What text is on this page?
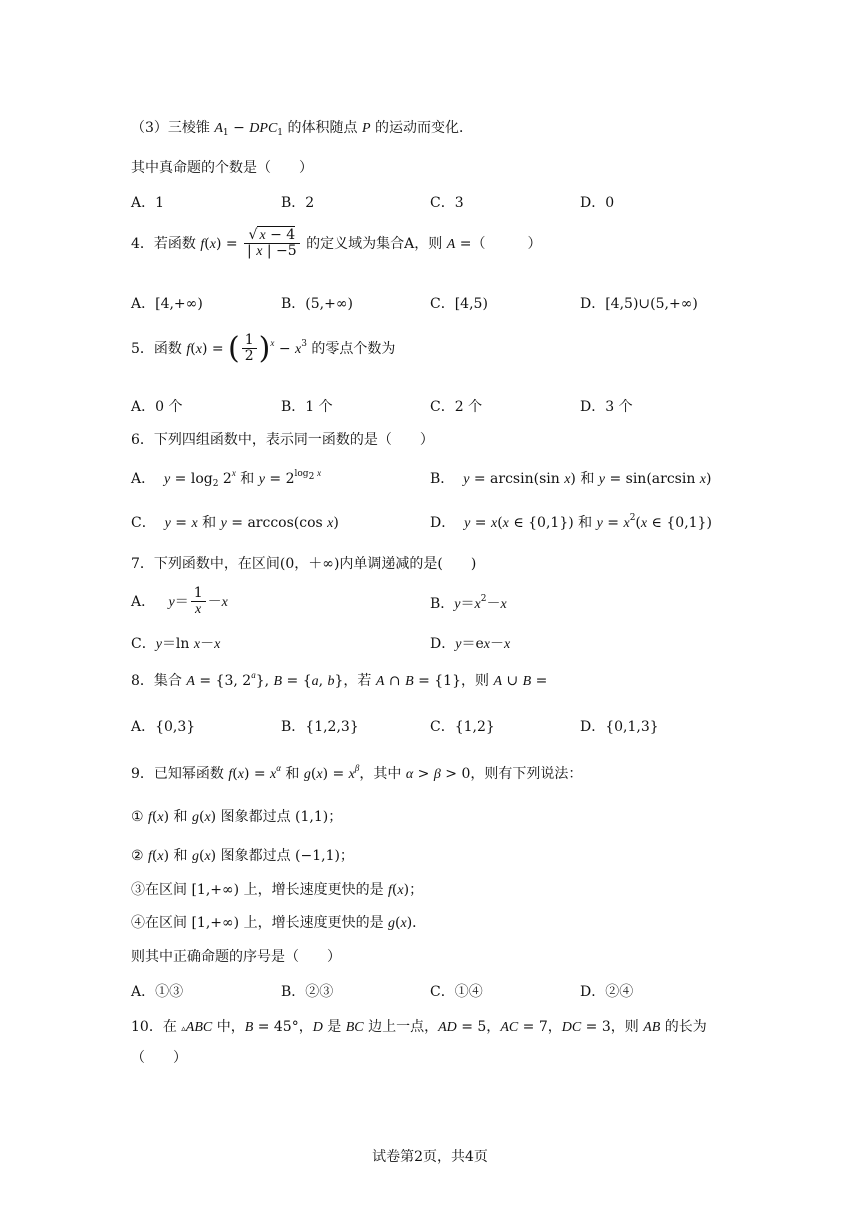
（3）三棱锥 $A_1 - DPC_1$ 的体积随点 P 的运动而变化．
其中真命题的个数是（　　）
A．1	B．2	C．3	D．0
4．若函数 $f(x) = \frac{√ x - 4}{| x | -5}$ 的定义域为集合A，则 A =（　　　）
A．[4,+∞)	B．(5,+∞)	C．[4,5)	D．[4,5)∪(5,+∞)
5．函数 f(x) = ( $\frac{1}{2} )^x - x^3$ 的零点个数为
A．0 个	B．1 个	C．2 个	D．3 个
6．下列四组函数中，表示同一函数的是（　　）
A．  $y = \log_2 2^x$ 和 $y = 2^{log_2 x}$	B．  y = arcsin(sin x) 和 y = sin(arcsin x)
C．  y = x 和 y = arccos(cos x)	D．  y = x(x ∈ {0,1}) 和 $y = x^2(x$ ∈ {0,1})
7．下列函数中，在区间(0，＋∞)内单调递减的是(　　)
A．   $y= \frac{1}{x} -x$	B．$y=x^2-x$
C．y＝ln x－x	D．y＝ex－x
8．集合 A = {3, 2$^a$}, B = {a, b}，若 A ∩ B = {1}，则 A ∪ B =
A．{0,3}	B．{1,2,3}	C．{1,2}	D．{0,1,3}
9．已知幂函数 $f(x) = x^\alpha$ 和 $g(x) = x^\beta$，其中 α > β > 0，则有下列说法：
① f(x) 和 g(x) 图象都过点 (1,1)；
② f(x) 和 g(x) 图象都过点 (−1,1)；
③在区间 [1,+∞) 上，增长速度更快的是 f(x)；
④在区间 [1,+∞) 上，增长速度更快的是 g(x)．
则其中正确命题的序号是（　　）
A．①③	B．②③	C．①④	D．②④
10．在 ▵ABC 中，B = 45°，D 是 BC 边上一点，AD = 5，AC = 7，DC = 3，则 AB 的长为
（　　）
试卷第2页，共4页
